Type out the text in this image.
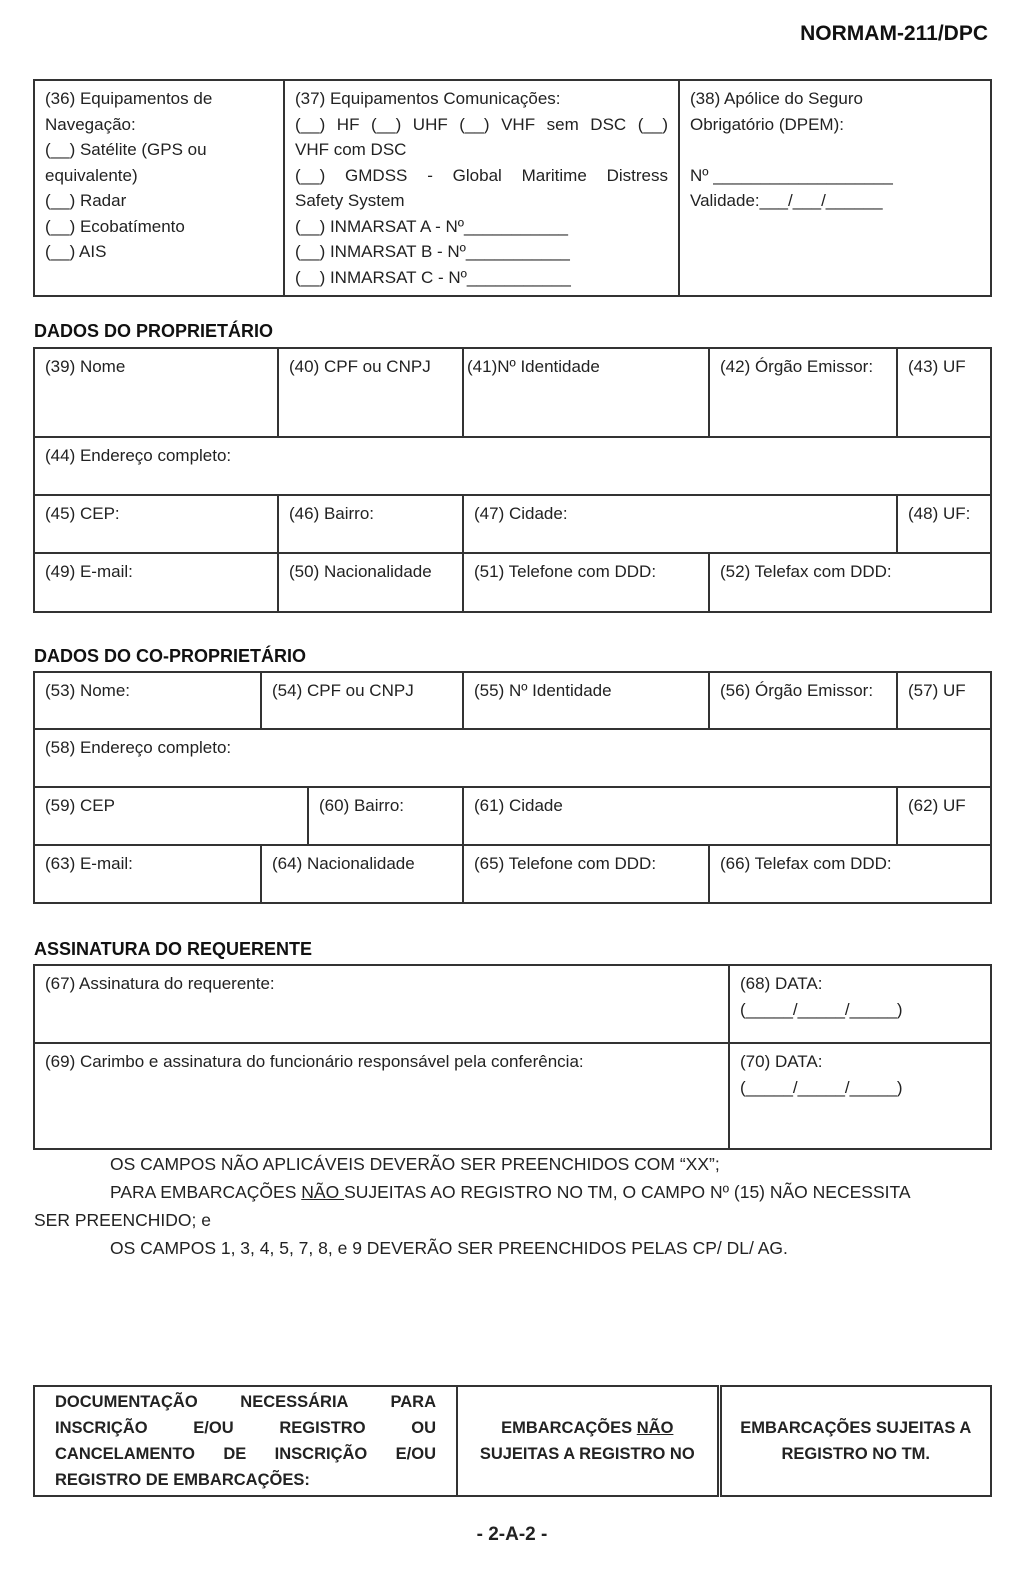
NORMAM-211/DPC
(36) Equipamentos de
Navegação:
(__) Satélite (GPS ou
equivalente)
(__) Radar
(__) Ecobatímento
(__) AIS

(37) Equipamentos Comunicações:
(__) HF (__) UHF (__) VHF sem DSC (__)
VHF com DSC
(__) GMDSS - Global Maritime Distress
Safety System
(__) INMARSAT A - Nº___________
(__) INMARSAT B - Nº___________
(__) INMARSAT C - Nº___________

(38) Apólice do Seguro
Obrigatório (DPEM):

Nº ___________________
Validade:___/___/______
DADOS DO PROPRIETÁRIO
(39) Nome	(40) CPF ou CNPJ	(41)Nº Identidade	(42) Órgão Emissor:	(43) UF
(44) Endereço completo:				
(45) CEP:	(46) Bairro:	(47) Cidade:		(48) UF:
(49) E-mail:	(50) Nacionalidade	(51) Telefone com DDD:	(52) Telefax com DDD:	
DADOS DO CO-PROPRIETÁRIO
(53) Nome:	(54) CPF ou CNPJ		(55) Nº Identidade	(56) Órgão Emissor:	(57) UF
(58) Endereço completo:					
(59) CEP		(60) Bairro:	(61) Cidade		(62) UF
(63) E-mail:	(64) Nacionalidade		(65) Telefone com DDD:	(66) Telefax com DDD:	
ASSINATURA DO REQUERENTE
(67) Assinatura do requerente:	(68) DATA:
(_____/_____/_____)

(69) Carimbo e assinatura do funcionário responsável pela conferência:	(70) DATA:
(_____/_____/_____)
OS CAMPOS NÃO APLICÁVEIS DEVERÃO SER PREENCHIDOS COM “XX”;
PARA EMBARCAÇÕES NÃO SUJEITAS AO REGISTRO NO TM, O CAMPO Nº (15) NÃO NECESSITA
SER PREENCHIDO; e
OS CAMPOS 1, 3, 4, 5, 7, 8, e 9 DEVERÃO SER PREENCHIDOS PELAS CP/ DL/ AG.
DOCUMENTAÇÃO NECESSÁRIA PARA
INSCRIÇÃO E/OU REGISTRO OU
CANCELAMENTO DE INSCRIÇÃO E/OU
REGISTRO DE EMBARCAÇÕES:

EMBARCAÇÕES NÃO
SUJEITAS A REGISTRO NO

EMBARCAÇÕES SUJEITAS A
REGISTRO NO TM.
- 2-A-2 -
